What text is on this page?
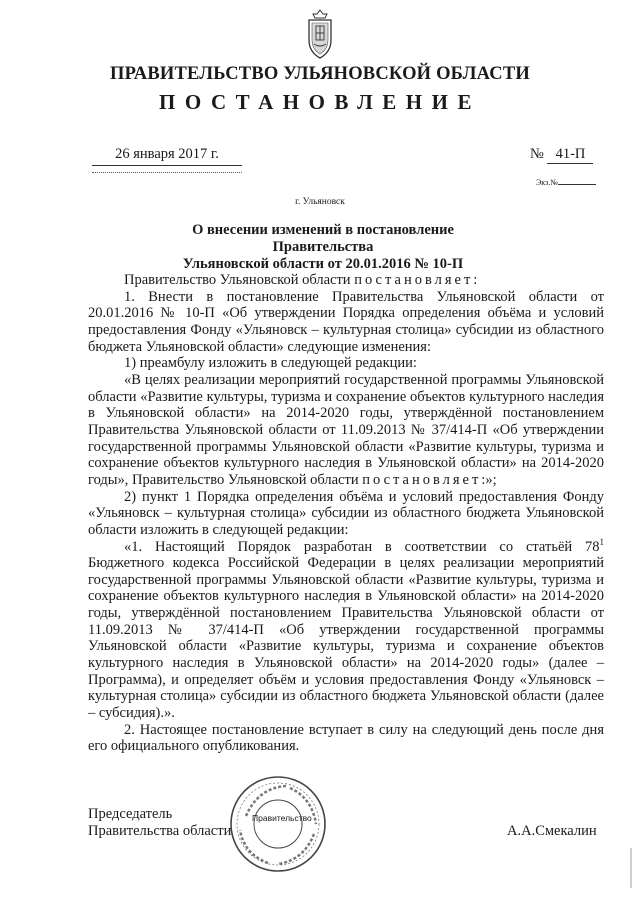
ПРАВИТЕЛЬСТВО УЛЬЯНОВСКОЙ ОБЛАСТИ
ПОСТАНОВЛЕНИЕ
26 января 2017 г.	№ 41-П
Экз.№
г. Ульяновск
О внесении изменений в постановление Правительства
Ульяновской области от 20.01.2016 № 10-П

Правительство Ульяновской области постановляет:

1. Внести в постановление Правительства Ульяновской области от 20.01.2016 № 10-П «Об утверждении Порядка определения объёма и условий предоставления Фонду «Ульяновск – культурная столица» субсидии из областного бюджета Ульяновской области» следующие изменения:

1) преамбулу изложить в следующей редакции:

«В целях реализации мероприятий государственной программы Ульяновской области «Развитие культуры, туризма и сохранение объектов культурного наследия в Ульяновской области» на 2014-2020 годы, утверждённой постановлением Правительства Ульяновской области от 11.09.2013 № 37/414-П «Об утверждении государственной программы Ульяновской области «Развитие культуры, туризма и сохранение объектов культурного наследия в Ульяновской области» на 2014-2020 годы», Правительство Ульяновской области постановляет:»;

2) пункт 1 Порядка определения объёма и условий предоставления Фонду «Ульяновск – культурная столица» субсидии из областного бюджета Ульяновской области изложить в следующей редакции:

«1. Настоящий Порядок разработан в соответствии со статьёй $78^1$ Бюджетного кодекса Российской Федерации в целях реализации мероприятий государственной программы Ульяновской области «Развитие культуры, туризма и сохранение объектов культурного наследия в Ульяновской области» на 2014-2020 годы, утверждённой постановлением Правительства Ульяновской области от 11.09.2013 № 37/414-П «Об утверждении государственной программы Ульяновской области «Развитие культуры, туризма и сохранение объектов культурного наследия в Ульяновской области» на 2014-2020 годы» (далее – Программа), и определяет объём и условия предоставления Фонду «Ульяновск – культурная столица» субсидии из областного бюджета Ульяновской области (далее – субсидия).».

2. Настоящее постановление вступает в силу на следующий день после дня его официального опубликования.

Правительство
Председатель
Правительства области	А.А.Смекалин
